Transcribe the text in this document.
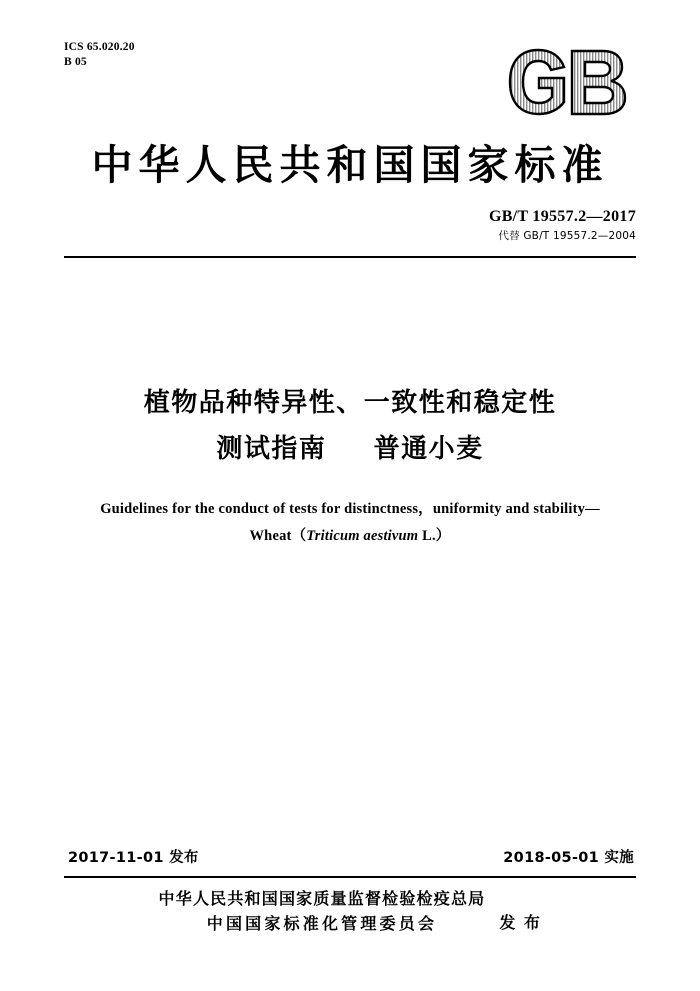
ICS 65.020.20
B 05
中华人民共和国国家标准
GB/T 19557.2—2017
代替 GB/T 19557.2—2004
植物品种特异性、一致性和稳定性
测试指南 普通小麦
Guidelines for the conduct of tests for distinctness，uniformity and stability—
Wheat（Triticum aestivum L.）
2017-11-01 发布	2018-05-01 实施
中华人民共和国国家质量监督检验检疫总局
中国国家标准化管理委员会	发 布
